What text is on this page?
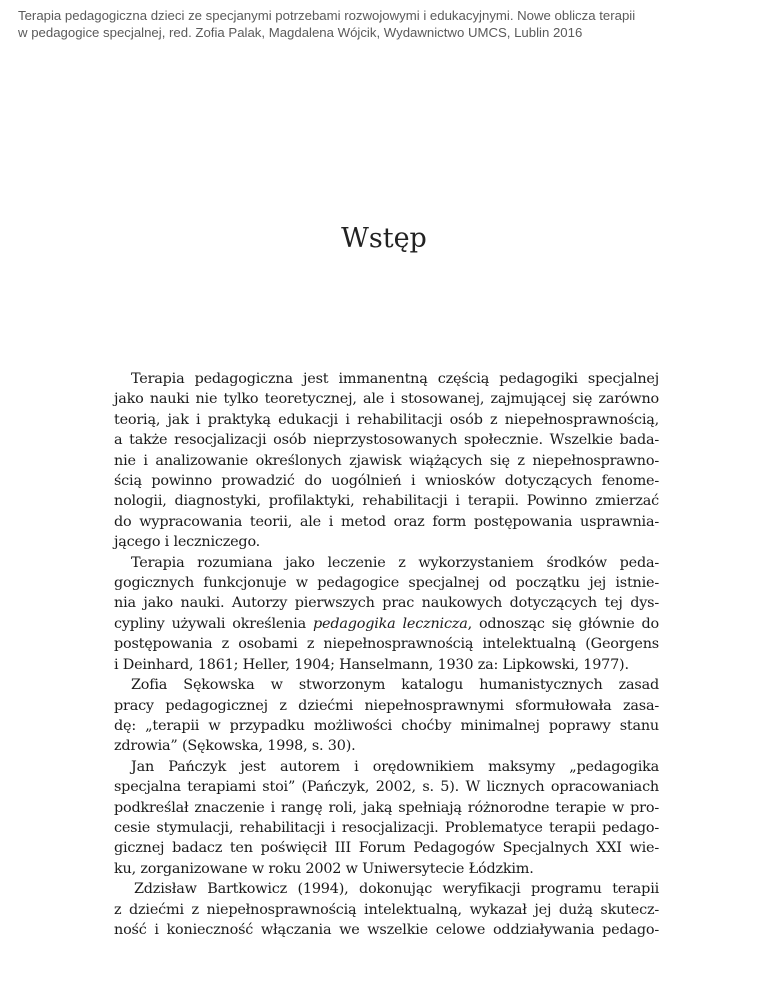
Terapia pedagogiczna dzieci ze specjanymi potrzebami rozwojowymi i edukacyjnymi. Nowe oblicza terapii
w pedagogice specjalnej, red. Zofia Palak, Magdalena Wójcik, Wydawnictwo UMCS, Lublin 2016
Wstęp
Terapia pedagogiczna jest immanentną częścią pedagogiki specjalnej
jako nauki nie tylko teoretycznej, ale i stosowanej, zajmującej się zarówno
teorią, jak i praktyką edukacji i rehabilitacji osób z niepełnosprawnością,
a także resocjalizacji osób nieprzystosowanych społecznie. Wszelkie bada-
nie i analizowanie określonych zjawisk wiążących się z niepełnosprawno-
ścią powinno prowadzić do uogólnień i wniosków dotyczących fenome-
nologii, diagnostyki, profilaktyki, rehabilitacji i terapii. Powinno zmierzać
do wypracowania teorii, ale i metod oraz form postępowania usprawnia-
jącego i leczniczego.
Terapia rozumiana jako leczenie z wykorzystaniem środków peda-
gogicznych funkcjonuje w pedagogice specjalnej od początku jej istnie-
nia jako nauki. Autorzy pierwszych prac naukowych dotyczących tej dys-
cypliny używali określenia pedagogika lecznicza, odnosząc się głównie do
postępowania z osobami z niepełnosprawnością intelektualną (Georgens
i Deinhard, 1861; Heller, 1904; Hanselmann, 1930 za: Lipkowski, 1977).
Zofia Sękowska w stworzonym katalogu humanistycznych zasad
pracy pedagogicznej z dziećmi niepełnosprawnymi sformułowała zasa-
dę: „terapii w przypadku możliwości choćby minimalnej poprawy stanu
zdrowia” (Sękowska, 1998, s. 30).
Jan Pańczyk jest autorem i orędownikiem maksymy „pedagogika
specjalna terapiami stoi” (Pańczyk, 2002, s. 5). W licznych opracowaniach
podkreślał znaczenie i rangę roli, jaką spełniają różnorodne terapie w pro-
cesie stymulacji, rehabilitacji i resocjalizacji. Problematyce terapii pedago-
gicznej badacz ten poświęcił III Forum Pedagogów Specjalnych XXI wie-
ku, zorganizowane w roku 2002 w Uniwersytecie Łódzkim.
Zdzisław Bartkowicz (1994), dokonując weryfikacji programu terapii
z dziećmi z niepełnosprawnością intelektualną, wykazał jej dużą skutecz-
ność i konieczność włączania we wszelkie celowe oddziaływania pedago-
